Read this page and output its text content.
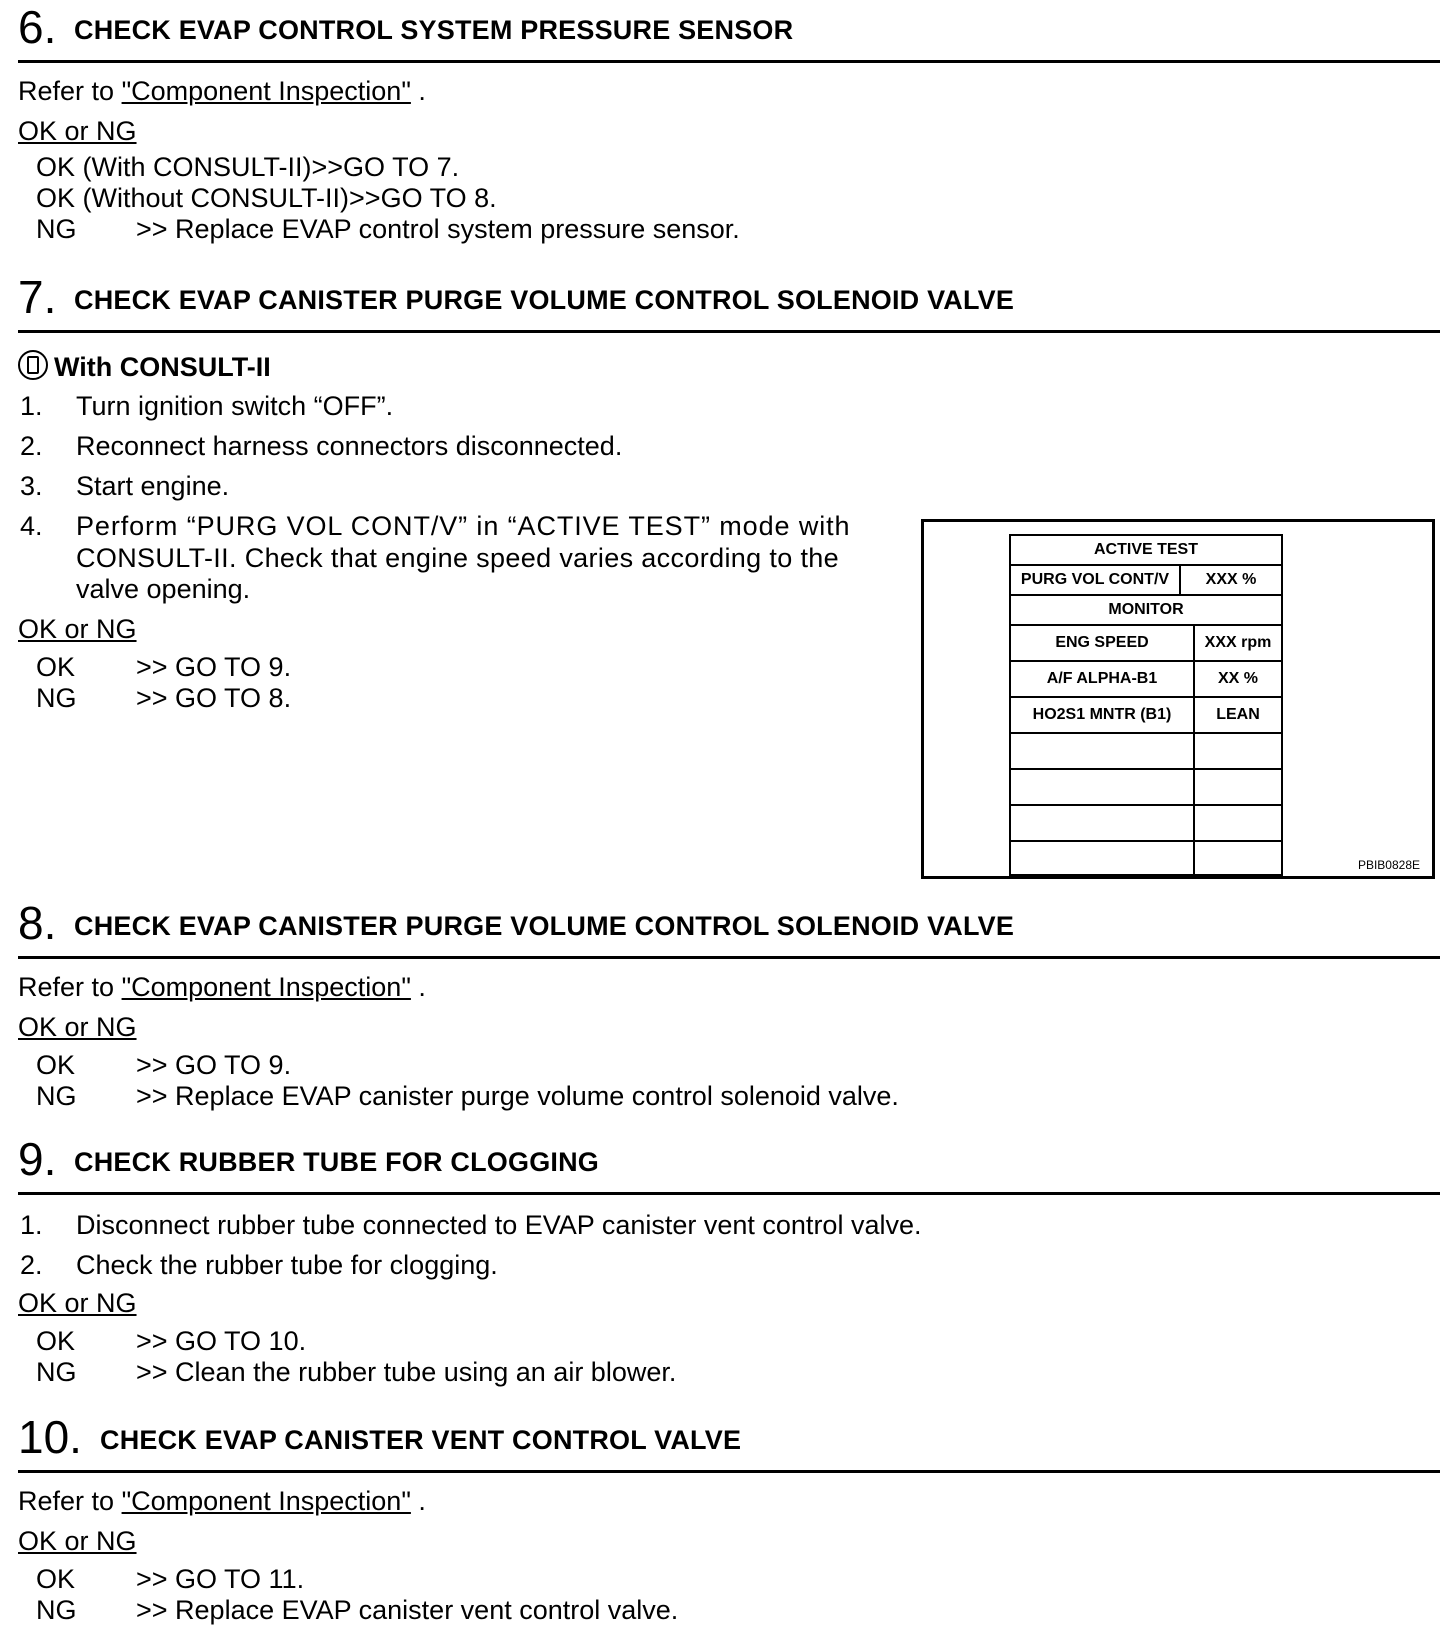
6. CHECK EVAP CONTROL SYSTEM PRESSURE SENSOR
Refer to "Component Inspection" .
OK or NG
OK (With CONSULT-II)>>GO TO 7.
OK (Without CONSULT-II)>>GO TO 8.
NG >> Replace EVAP control system pressure sensor.
7. CHECK EVAP CANISTER PURGE VOLUME CONTROL SOLENOID VALVE
With CONSULT-II
1. Turn ignition switch “OFF”.
2. Reconnect harness connectors disconnected.
3. Start engine.
4. Perform “PURG VOL CONT/V” in “ACTIVE TEST” mode with
CONSULT-II. Check that engine speed varies according to the
valve opening.
OK or NG
OK >> GO TO 9.
NG >> GO TO 8.
ACTIVE TEST
PURG VOL CONT/V	XXX %
MONITOR
ENG SPEED	XXX rpm
A/F ALPHA-B1	XX %
HO2S1 MNTR (B1)	LEAN
PBIB0828E
8. CHECK EVAP CANISTER PURGE VOLUME CONTROL SOLENOID VALVE
Refer to "Component Inspection" .
OK or NG
OK >> GO TO 9.
NG >> Replace EVAP canister purge volume control solenoid valve.
9. CHECK RUBBER TUBE FOR CLOGGING
1. Disconnect rubber tube connected to EVAP canister vent control valve.
2. Check the rubber tube for clogging.
OK or NG
OK >> GO TO 10.
NG >> Clean the rubber tube using an air blower.
10. CHECK EVAP CANISTER VENT CONTROL VALVE
Refer to "Component Inspection" .
OK or NG
OK >> GO TO 11.
NG >> Replace EVAP canister vent control valve.
